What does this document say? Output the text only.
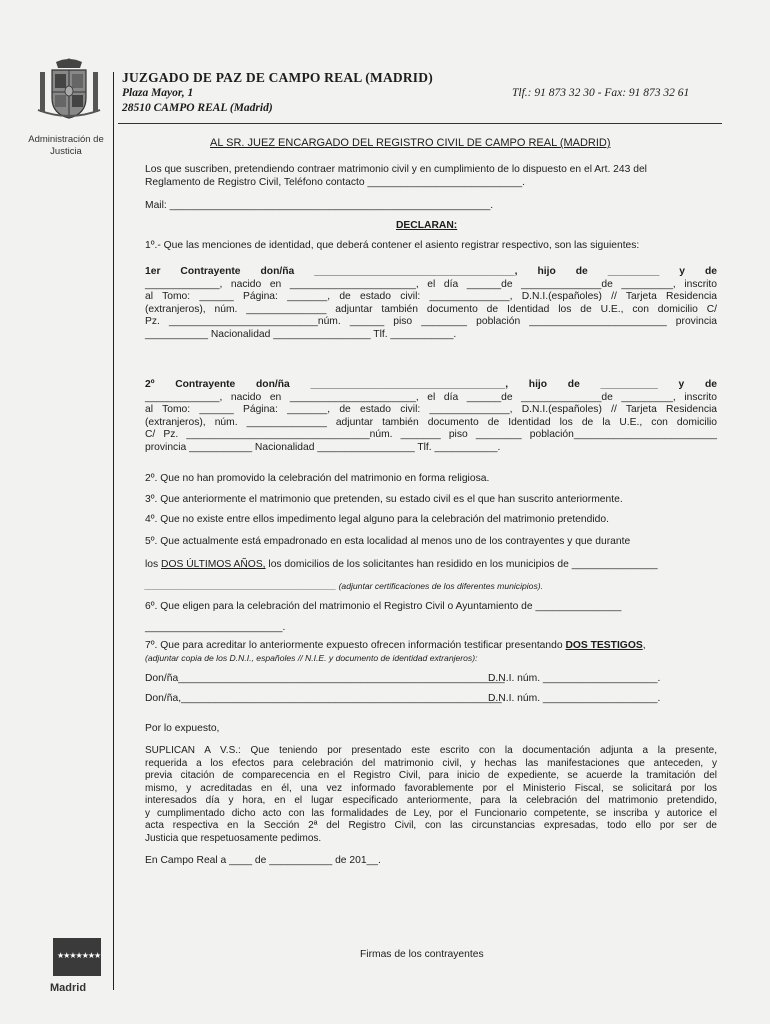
Administración de Justicia
JUZGADO DE PAZ DE CAMPO REAL (MADRID)
Plaza Mayor, 1
28510 CAMPO REAL (Madrid)
Tlf.: 91 873 32 30 - Fax: 91 873 32 61
AL SR. JUEZ ENCARGADO DEL REGISTRO CIVIL DE CAMPO REAL (MADRID)
Los que suscriben, pretendiendo contraer matrimonio civil y en cumplimiento de lo dispuesto en el Art. 243 del
Reglamento de Registro Civil, Teléfono contacto ___________________________.
Mail: ________________________________________________________.
DECLARAN:
1º.- Que las menciones de identidad, que deberá contener el asiento registrar respectivo, son las siguientes:
1er Contrayente don/ña ___________________________________, hijo de _________ y de
_____________, nacido en ______________________, el día ______de ______________de _________, inscrito
al Tomo: ______ Página: _______, de estado civil: ______________, D.N.I.(españoles) // Tarjeta Residencia
(extranjeros), núm. ______________ adjuntar también documento de Identidad los de U.E., con domicilio C/
Pz. __________________________núm. ______ piso ________ población ________________________ provincia
___________ Nacionalidad _________________ Tlf. ___________.
2º Contrayente don/ña __________________________________, hijo de __________ y de
_____________, nacido en ______________________, el día ______de ______________de _________, inscrito
al Tomo: ______ Página: _______, de estado civil: ______________, D.N.I.(españoles) // Tarjeta Residencia
(extranjeros), núm. ______________ adjuntar también documento de Identidad los de la U.E., con domicilio
C/ Pz. ________________________________núm. _______ piso ________ población_________________________
provincia ___________ Nacionalidad _________________ Tlf. ___________.
2º. Que no han promovido la celebración del matrimonio en forma religiosa.
3º. Que anteriormente el matrimonio que pretenden, su estado civil es el que han suscrito anteriormente.
4º. Que no existe entre ellos impedimento legal alguno para la celebración del matrimonio pretendido.
5º. Que actualmente está empadronado en esta localidad al menos uno de los contrayentes y que durante
los DOS ÚLTIMOS AÑOS, los domicilios de los solicitantes han residido en los municipios de _______________
________________________________________ (adjuntar certificaciones de los diferentes municipios).
6º. Que eligen para la celebración del matrimonio el Registro Civil o Ayuntamiento de _______________
________________________.
7º. Que para acreditar lo anteriormente expuesto ofrecen información testificar presentando DOS TESTIGOS,
(adjuntar copia de los D.N.I., españoles // N.I.E. y documento de identidad extranjeros):
Don/ña_________________________________________________________
D.N.I. núm. ____________________.
Don/ña,________________________________________________________
D.N.I. núm. ____________________.
Por lo expuesto,
SUPLICAN A V.S.: Que teniendo por presentado este escrito con la documentación adjunta a la presente,
requerida a los efectos para celebración del matrimonio civil, y hechas las manifestaciones que anteceden, y
previa citación de comparecencia en el Registro Civil, para inicio de expediente, se acuerde la tramitación del
mismo, y acreditadas en él, una vez informado favorablemente por el Ministerio Fiscal, se solicitará por los
interesados día y hora, en el lugar especificado anteriormente, para la celebración del matrimonio pretendido,
y cumplimentado dicho acto con las formalidades de Ley, por el Funcionario competente, se inscriba y autorice el
acta respectiva en la Sección 2ª del Registro Civil, con las circunstancias expresadas, todo ello por ser de
Justicia que respetuosamente pedimos.
En Campo Real a ____ de ___________ de 201__.
Firmas de los contrayentes
★★★★★★★
Madrid
